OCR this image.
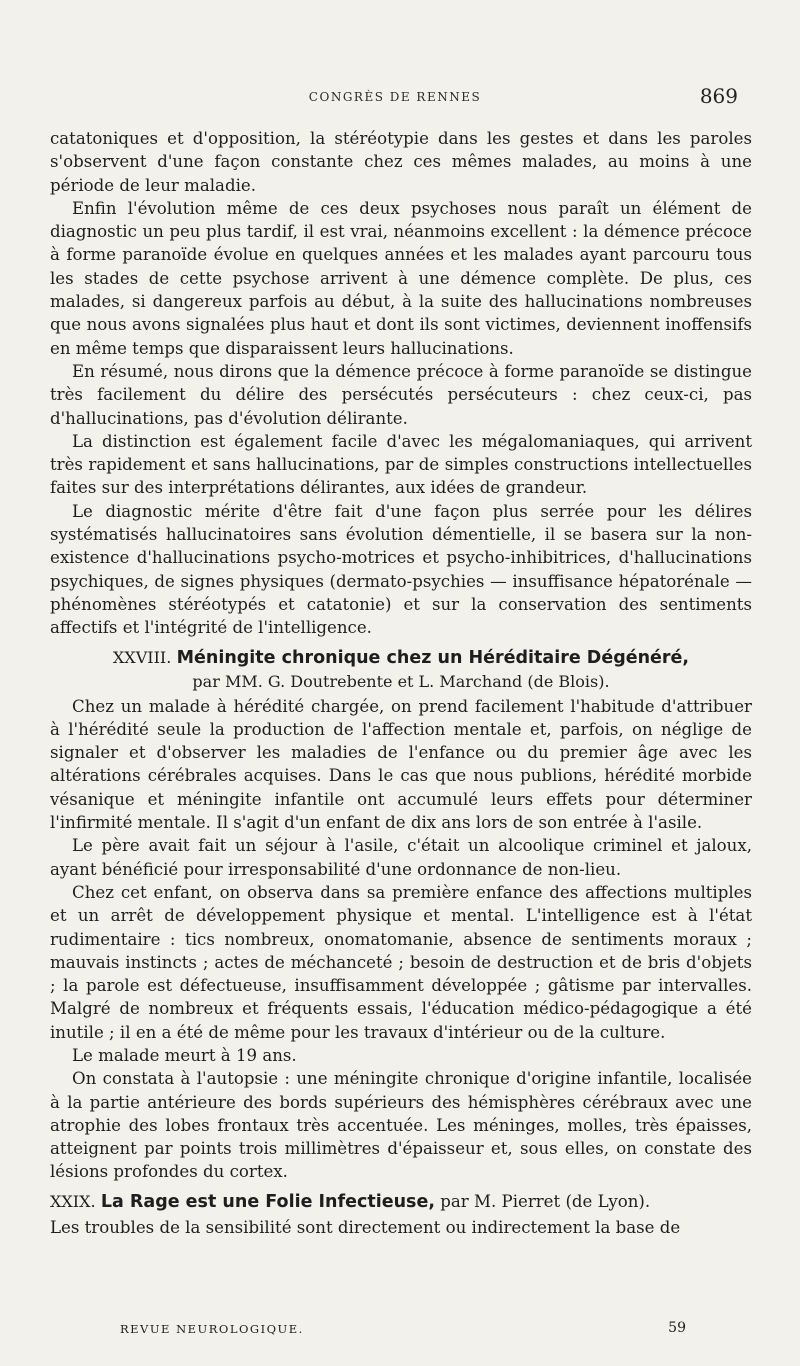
CONGRÈS DE RENNES	869

catatoniques et d'opposition, la stéréotypie dans les gestes et dans les paroles s'observent d'une façon constante chez ces mêmes malades, au moins à une période de leur maladie.

Enfin l'évolution même de ces deux psychoses nous paraît un élément de diagnostic un peu plus tardif, il est vrai, néanmoins excellent : la démence précoce à forme paranoïde évolue en quelques années et les malades ayant parcouru tous les stades de cette psychose arrivent à une démence complète. De plus, ces malades, si dangereux parfois au début, à la suite des hallucinations nombreuses que nous avons signalées plus haut et dont ils sont victimes, deviennent inoffensifs en même temps que disparaissent leurs hallucinations.

En résumé, nous dirons que la démence précoce à forme paranoïde se distingue très facilement du délire des persécutés persécuteurs : chez ceux-ci, pas d'hallucinations, pas d'évolution délirante.

La distinction est également facile d'avec les mégalomaniaques, qui arrivent très rapidement et sans hallucinations, par de simples constructions intellectuelles faites sur des interprétations délirantes, aux idées de grandeur.

Le diagnostic mérite d'être fait d'une façon plus serrée pour les délires systématisés hallucinatoires sans évolution démentielle, il se basera sur la non-existence d'hallucinations psycho-motrices et psycho-inhibitrices, d'hallucinations psychiques, de signes physiques (dermato-psychies — insuffisance hépatorénale — phénomènes stéréotypés et catatonie) et sur la conservation des sentiments affectifs et l'intégrité de l'intelligence.

XXVIII. Méningite chronique chez un Héréditaire Dégénéré,
par MM. G. Doutrebente et L. Marchand (de Blois).

Chez un malade à hérédité chargée, on prend facilement l'habitude d'attribuer à l'hérédité seule la production de l'affection mentale et, parfois, on néglige de signaler et d'observer les maladies de l'enfance ou du premier âge avec les altérations cérébrales acquises. Dans le cas que nous publions, hérédité morbide vésanique et méningite infantile ont accumulé leurs effets pour déterminer l'infirmité mentale. Il s'agit d'un enfant de dix ans lors de son entrée à l'asile.

Le père avait fait un séjour à l'asile, c'était un alcoolique criminel et jaloux, ayant bénéficié pour irresponsabilité d'une ordonnance de non-lieu.

Chez cet enfant, on observa dans sa première enfance des affections multiples et un arrêt de développement physique et mental. L'intelligence est à l'état rudimentaire : tics nombreux, onomatomanie, absence de sentiments moraux ; mauvais instincts ; actes de méchanceté ; besoin de destruction et de bris d'objets ; la parole est défectueuse, insuffisamment développée ; gâtisme par intervalles. Malgré de nombreux et fréquents essais, l'éducation médico-pédagogique a été inutile ; il en a été de même pour les travaux d'intérieur ou de la culture.

Le malade meurt à 19 ans.

On constata à l'autopsie : une méningite chronique d'origine infantile, localisée à la partie antérieure des bords supérieurs des hémisphères cérébraux avec une atrophie des lobes frontaux très accentuée. Les méninges, molles, très épaisses, atteignent par points trois millimètres d'épaisseur et, sous elles, on constate des lésions profondes du cortex.

XXIX. La Rage est une Folie Infectieuse, par M. Pierret (de Lyon).

Les troubles de la sensibilité sont directement ou indirectement la base de

REVUE NEUROLOGIQUE.	59
